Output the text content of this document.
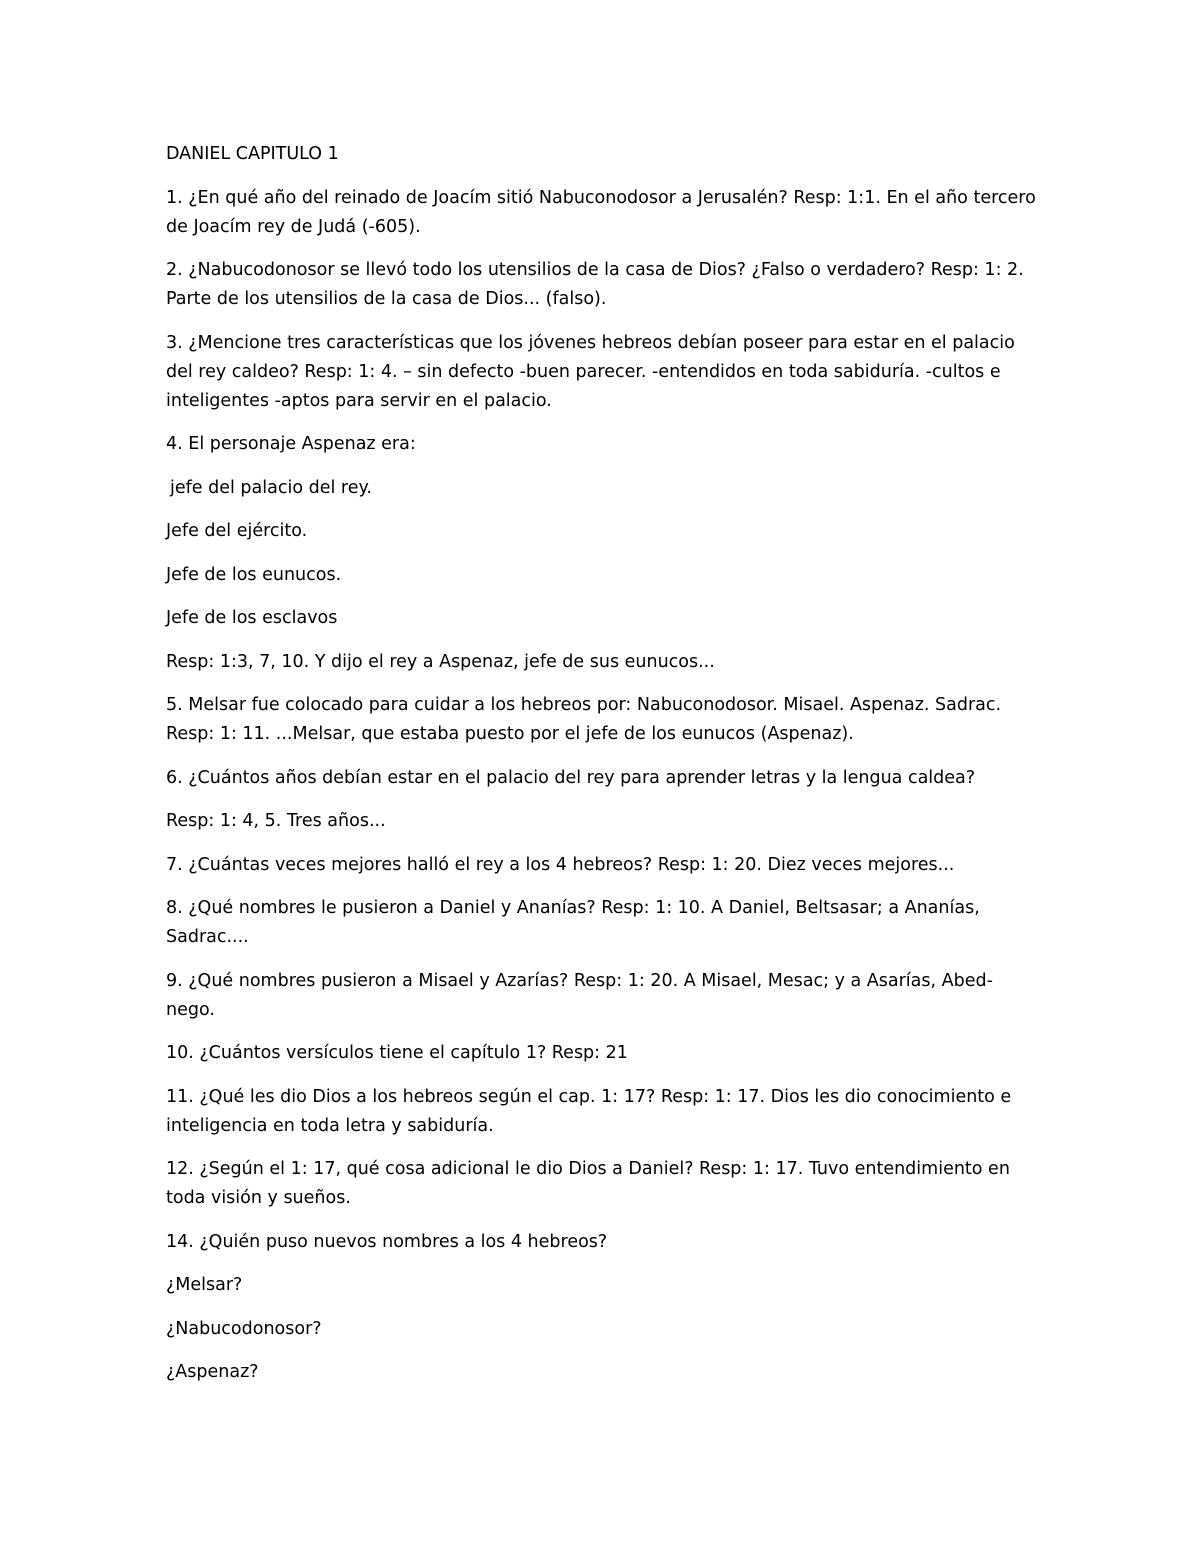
DANIEL CAPITULO 1

1. ¿En qué año del reinado de Joacím sitió Nabuconodosor a Jerusalén? Resp: 1:1. En el año tercero de Joacím rey de Judá (-605).

2. ¿Nabucodonosor se llevó todo los utensilios de la casa de Dios? ¿Falso o verdadero? Resp: 1: 2. Parte de los utensilios de la casa de Dios... (falso).

3. ¿Mencione tres características que los jóvenes hebreos debían poseer para estar en el palacio del rey caldeo? Resp: 1: 4. – sin defecto -buen parecer. -entendidos en toda sabiduría. -cultos e inteligentes -aptos para servir en el palacio.

4. El personaje Aspenaz era:

jefe del palacio del rey.

Jefe del ejército.

Jefe de los eunucos.

Jefe de los esclavos

Resp: 1:3, 7, 10. Y dijo el rey a Aspenaz, jefe de sus eunucos...

5. Melsar fue colocado para cuidar a los hebreos por: Nabuconodosor. Misael. Aspenaz. Sadrac. Resp: 1: 11. ...Melsar, que estaba puesto por el jefe de los eunucos (Aspenaz).

6. ¿Cuántos años debían estar en el palacio del rey para aprender letras y la lengua caldea?

Resp: 1: 4, 5. Tres años...

7. ¿Cuántas veces mejores halló el rey a los 4 hebreos? Resp: 1: 20. Diez veces mejores...

8. ¿Qué nombres le pusieron a Daniel y Ananías? Resp: 1: 10. A Daniel, Beltsasar; a Ananías, Sadrac....

9. ¿Qué nombres pusieron a Misael y Azarías? Resp: 1: 20. A Misael, Mesac; y a Asarías, Abed-nego.

10. ¿Cuántos versículos tiene el capítulo 1? Resp: 21

11. ¿Qué les dio Dios a los hebreos según el cap. 1: 17? Resp: 1: 17. Dios les dio conocimiento e inteligencia en toda letra y sabiduría.

12. ¿Según el 1: 17, qué cosa adicional le dio Dios a Daniel? Resp: 1: 17. Tuvo entendimiento en toda visión y sueños.

14. ¿Quién puso nuevos nombres a los 4 hebreos?

¿Melsar?

¿Nabucodonosor?

¿Aspenaz?
